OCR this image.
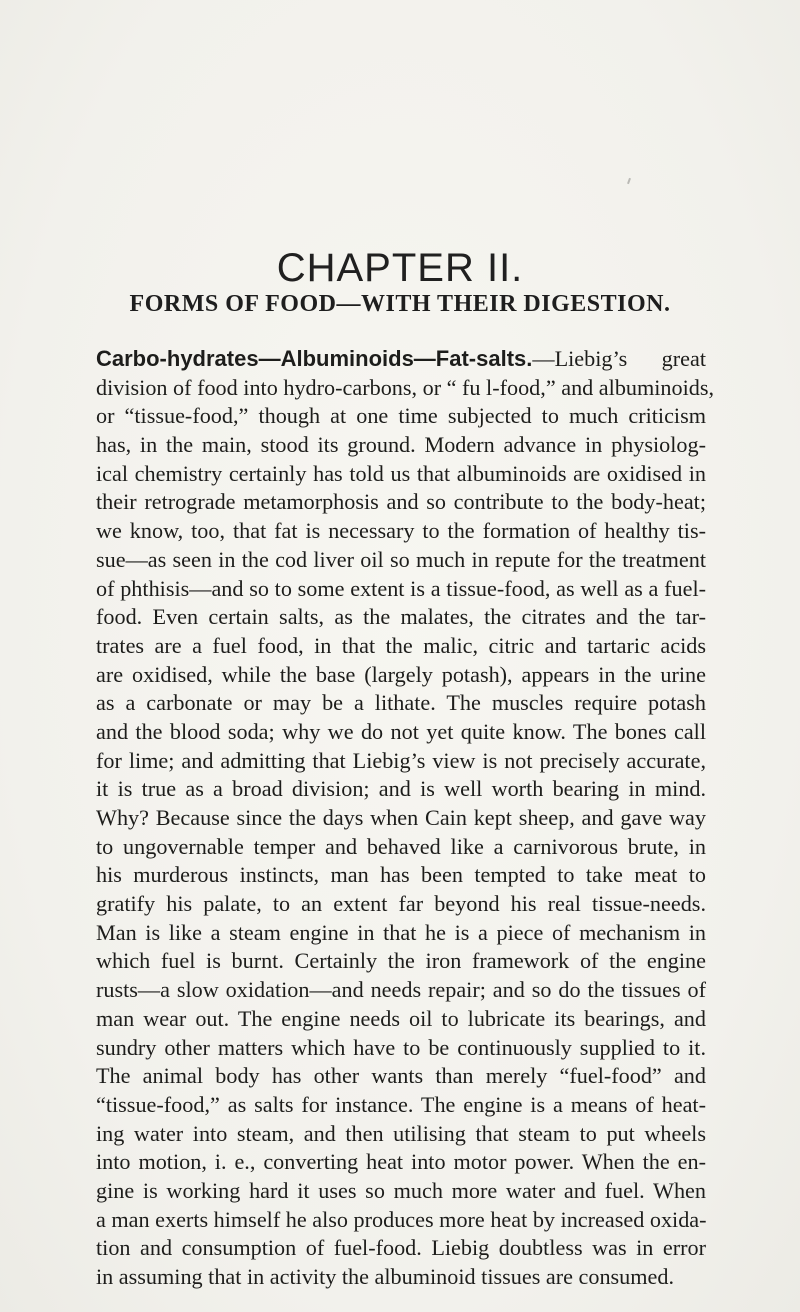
CHAPTER II.
FORMS OF FOOD—WITH THEIR DIGESTION.
Carbo-hydrates—Albuminoids—Fat-salts.—Liebig’s great
division of food into hydro-carbons, or “ fu l-food,” and albuminoids,
or “tissue-food,” though at one time subjected to much criticism
has, in the main, stood its ground. Modern advance in physiolog-
ical chemistry certainly has told us that albuminoids are oxidised in
their retrograde metamorphosis and so contribute to the body-heat;
we know, too, that fat is necessary to the formation of healthy tis-
sue—as seen in the cod liver oil so much in repute for the treatment
of phthisis—and so to some extent is a tissue-food, as well as a fuel-
food. Even certain salts, as the malates, the citrates and the tar-
trates are a fuel food, in that the malic, citric and tartaric acids
are oxidised, while the base (largely potash), appears in the urine
as a carbonate or may be a lithate. The muscles require potash
and the blood soda; why we do not yet quite know. The bones call
for lime; and admitting that Liebig’s view is not precisely accurate,
it is true as a broad division; and is well worth bearing in mind.
Why? Because since the days when Cain kept sheep, and gave way
to ungovernable temper and behaved like a carnivorous brute, in
his murderous instincts, man has been tempted to take meat to
gratify his palate, to an extent far beyond his real tissue-needs.
Man is like a steam engine in that he is a piece of mechanism in
which fuel is burnt. Certainly the iron framework of the engine
rusts—a slow oxidation—and needs repair; and so do the tissues of
man wear out. The engine needs oil to lubricate its bearings, and
sundry other matters which have to be continuously supplied to it.
The animal body has other wants than merely “fuel-food” and
“tissue-food,” as salts for instance. The engine is a means of heat-
ing water into steam, and then utilising that steam to put wheels
into motion, i. e., converting heat into motor power. When the en-
gine is working hard it uses so much more water and fuel. When
a man exerts himself he also produces more heat by increased oxida-
tion and consumption of fuel-food. Liebig doubtless was in error
in assuming that in activity the albuminoid tissues are consumed.
